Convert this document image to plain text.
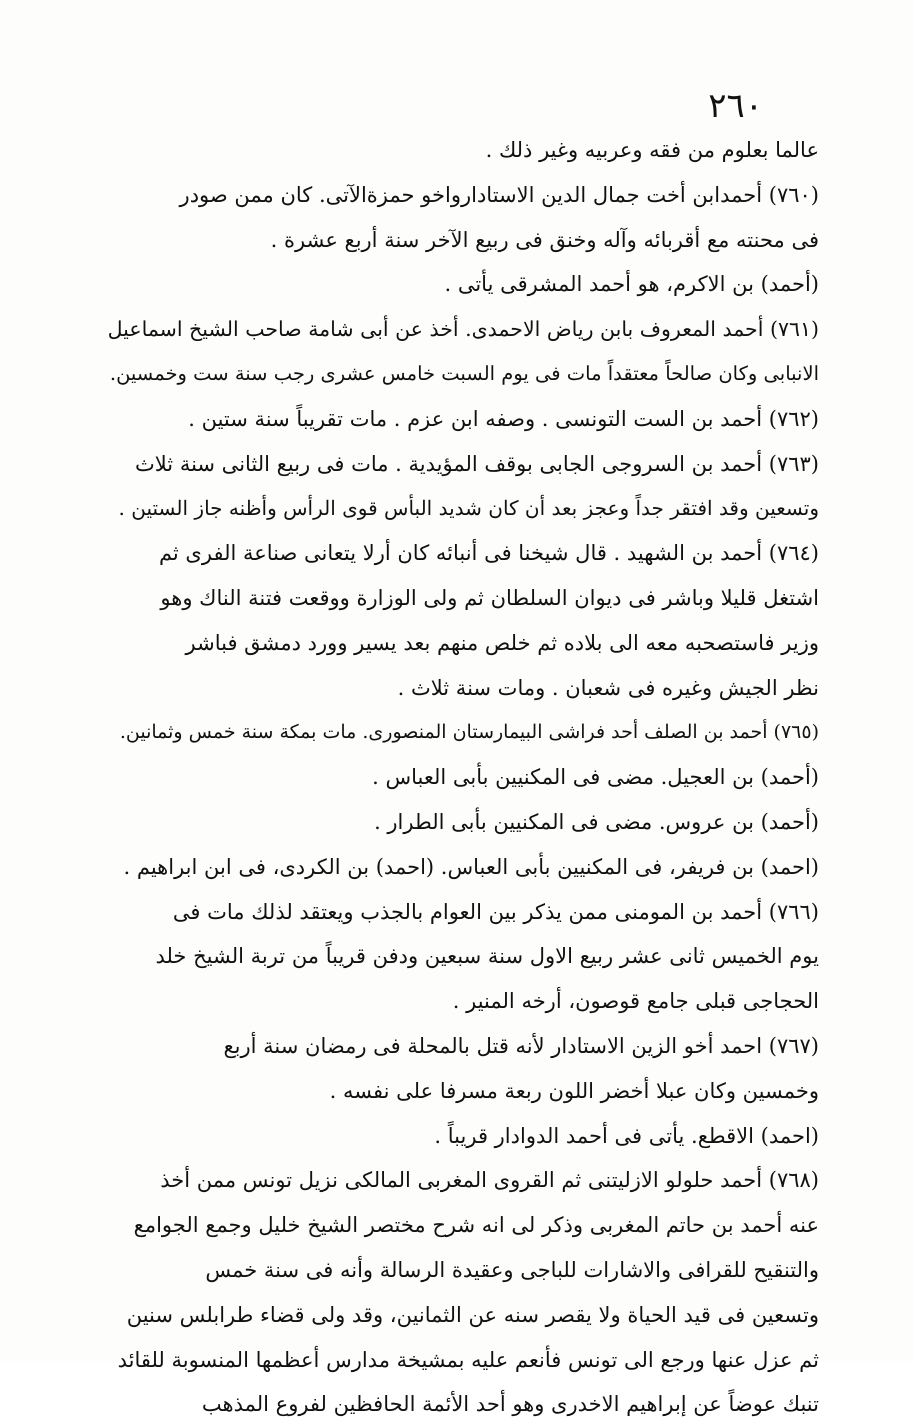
٢٦٠
عالما بعلوم من فقه وعربيه وغير ذلك .
(٧٦٠) أحمدابن أخت جمال الدين الاستادارواخو حمزةالآتى. كان ممن صودر
فى محنته مع أقربائه وآله وخنق فى ربيع الآخر سنة أربع عشرة .
(أحمد) بن الاكرم، هو أحمد المشرقى يأتى .
(٧٦١) أحمد المعروف بابن رياض الاحمدى. أخذ عن أبى شامة صاحب الشيخ اسماعيل
الانبابى وكان صالحاً معتقداً مات فى يوم السبت خامس عشرى رجب سنة ست وخمسين.
(٧٦٢) أحمد بن الست التونسى . وصفه ابن عزم . مات تقريباً سنة ستين .
(٧٦٣) أحمد بن السروجى الجابى بوقف المؤيدية . مات فى ربيع الثانى سنة ثلاث
وتسعين وقد افتقر جداً وعجز بعد أن كان شديد البأس قوى الرأس وأظنه جاز الستين .
(٧٦٤) أحمد بن الشهيد . قال شيخنا فى أنبائه كان أرلا يتعانى صناعة الفرى ثم
اشتغل قليلا وباشر فى ديوان السلطان ثم ولى الوزارة ووقعت فتنة الناك وهو
وزير فاستصحبه معه الى بلاده ثم خلص منهم بعد يسير وورد دمشق فباشر
نظر الجيش وغيره فى شعبان . ومات سنة ثلاث .
(٧٦٥) أحمد بن الصلف أحد فراشى البيمارستان المنصورى. مات بمكة سنة خمس وثمانين.
(أحمد) بن العجيل. مضى فى المكنيين بأبى العباس .
(أحمد) بن عروس. مضى فى المكنيين بأبى الطرار .
(احمد) بن فريفر، فى المكنيين بأبى العباس. (احمد) بن الكردى، فى ابن ابراهيم .
(٧٦٦) أحمد بن المومنى ممن يذكر بين العوام بالجذب ويعتقد لذلك مات فى
يوم الخميس ثانى عشر ربيع الاول سنة سبعين ودفن قريباً من تربة الشيخ خلد
الحجاجى قبلى جامع قوصون، أرخه المنير .
(٧٦٧) احمد أخو الزين الاستادار لأنه قتل بالمحلة فى رمضان سنة أربع
وخمسين وكان عبلا أخضر اللون ربعة مسرفا على نفسه .
(احمد) الاقطع. يأتى فى أحمد الدوادار قريباً .
(٧٦٨) أحمد حلولو الازليتنى ثم القروى المغربى المالكى نزيل تونس ممن أخذ
عنه أحمد بن حاتم المغربى وذكر لى انه شرح مختصر الشيخ خليل وجمع الجوامع
والتنقيح للقرافى والاشارات للباجى وعقيدة الرسالة وأنه فى سنة خمس
وتسعين فى قيد الحياة ولا يقصر سنه عن الثمانين، وقد ولى قضاء طرابلس سنين
ثم عزل عنها ورجع الى تونس فأنعم عليه بمشيخة مدارس أعظمها المنسوبة للقائد
تنبك عوضاً عن إبراهيم الاخدرى وهو أحد الأئمة الحافظين لفروع المذهب
